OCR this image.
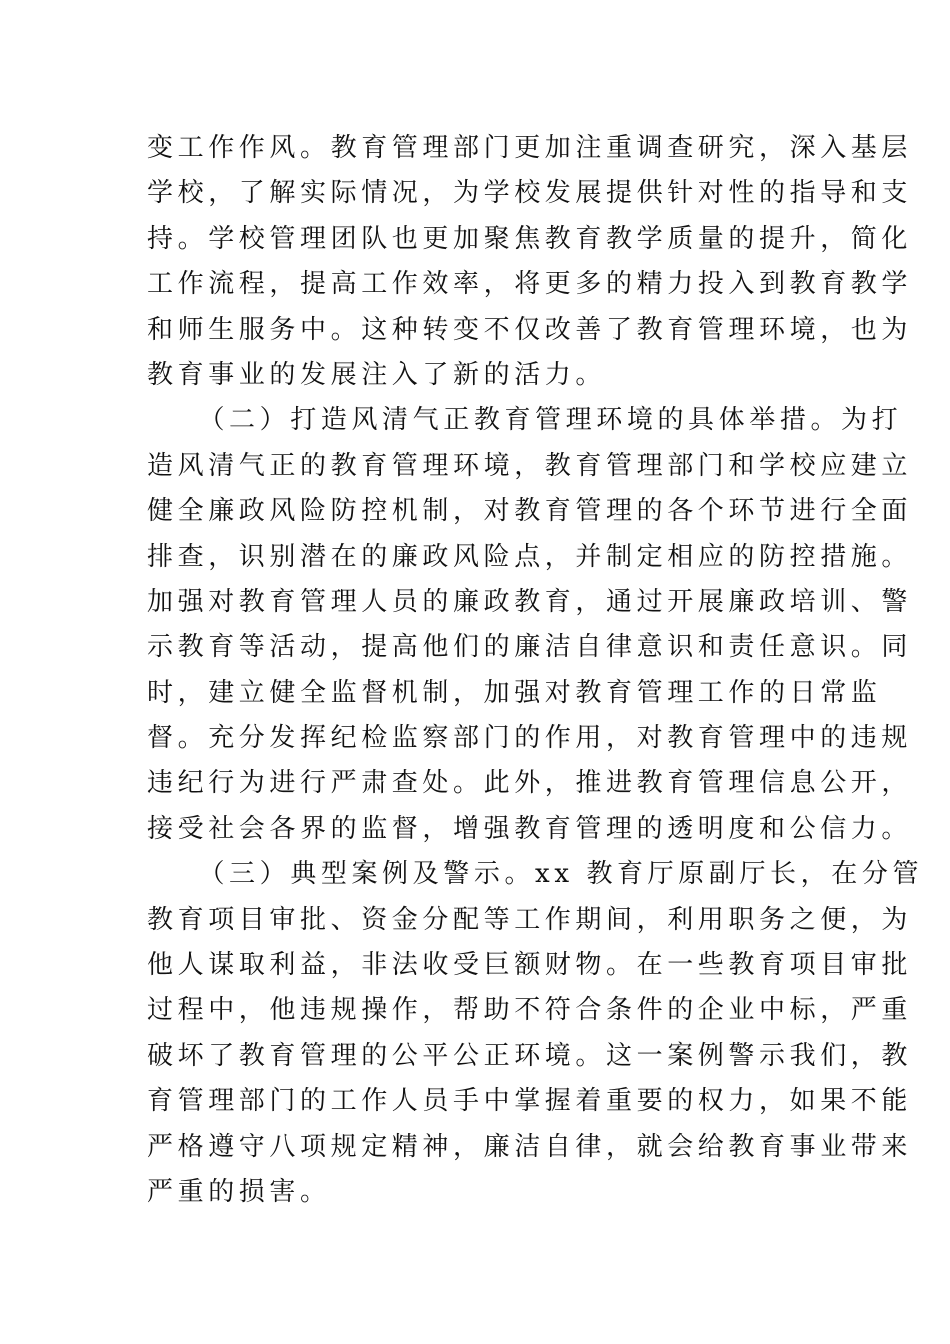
变工作作风。教育管理部门更加注重调查研究，深入基层
学校，了解实际情况，为学校发展提供针对性的指导和支
持。学校管理团队也更加聚焦教育教学质量的提升，简化
工作流程，提高工作效率，将更多的精力投入到教育教学
和师生服务中。这种转变不仅改善了教育管理环境，也为
教育事业的发展注入了新的活力。
（二）打造风清气正教育管理环境的具体举措。为打
造风清气正的教育管理环境，教育管理部门和学校应建立
健全廉政风险防控机制，对教育管理的各个环节进行全面
排查，识别潜在的廉政风险点，并制定相应的防控措施。
加强对教育管理人员的廉政教育，通过开展廉政培训、警
示教育等活动，提高他们的廉洁自律意识和责任意识。同
时，建立健全监督机制，加强对教育管理工作的日常监
督。充分发挥纪检监察部门的作用，对教育管理中的违规
违纪行为进行严肃查处。此外，推进教育管理信息公开，
接受社会各界的监督，增强教育管理的透明度和公信力。
（三）典型案例及警示。xx 教育厅原副厅长，在分管
教育项目审批、资金分配等工作期间，利用职务之便，为
他人谋取利益，非法收受巨额财物。在一些教育项目审批
过程中，他违规操作，帮助不符合条件的企业中标，严重
破坏了教育管理的公平公正环境。这一案例警示我们，教
育管理部门的工作人员手中掌握着重要的权力，如果不能
严格遵守八项规定精神，廉洁自律，就会给教育事业带来
严重的损害。
